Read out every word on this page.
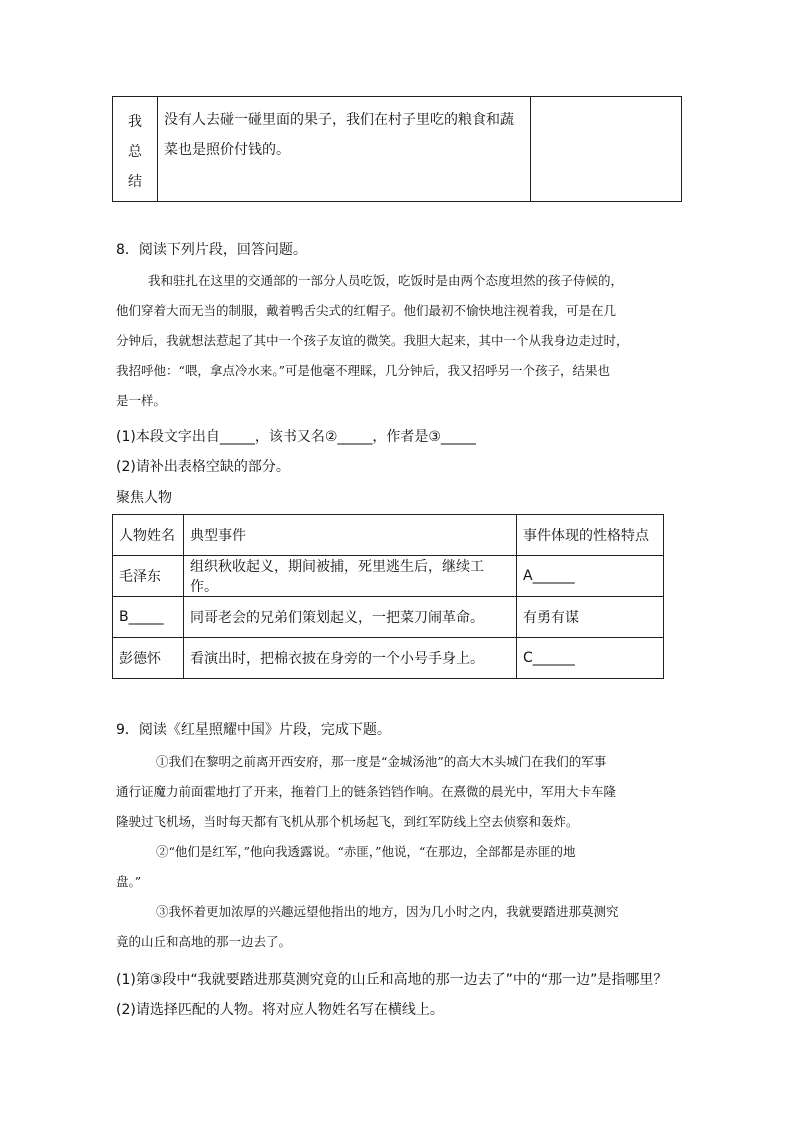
我
总
结

没有人去碰一碰里面的果子，我们在村子里吃的粮食和蔬
菜也是照价付钱的。

8．阅读下列片段，回答问题。
我和驻扎在这里的交通部的一部分人员吃饭，吃饭时是由两个态度坦然的孩子侍候的，
他们穿着大而无当的制服，戴着鸭舌尖式的红帽子。他们最初不愉快地注视着我，可是在几
分钟后，我就想法惹起了其中一个孩子友谊的微笑。我胆大起来，其中一个从我身边走过时，
我招呼他：“喂，拿点冷水来。”可是他毫不理睬，几分钟后，我又招呼另一个孩子，结果也
是一样。
(1)本段文字出自_____，该书又名②_____，作者是③_____
(2)请补出表格空缺的部分。
聚焦人物
人物姓名	典型事件	事件体现的性格特点
毛泽东	组织秋收起义，期间被捕，死里逃生后，继续工作。	A______
B_____	同哥老会的兄弟们策划起义，一把菜刀闹革命。	有勇有谋
彭德怀	看演出时，把棉衣披在身旁的一个小号手身上。	C______
9．阅读《红星照耀中国》片段，完成下题。
①我们在黎明之前离开西安府，那一度是“金城汤池”的高大木头城门在我们的军事
通行证魔力前面霍地打了开来，拖着门上的链条铛铛作响。在熹微的晨光中，军用大卡车隆
隆驶过飞机场，当时每天都有飞机从那个机场起飞，到红军防线上空去侦察和轰炸。
②“他们是红军，”他向我透露说。“赤匪，”他说，“在那边，全部都是赤匪的地
盘。”
③我怀着更加浓厚的兴趣远望他指出的地方，因为几小时之内，我就要踏进那莫测究
竟的山丘和高地的那一边去了。
(1)第③段中“我就要踏进那莫测究竟的山丘和高地的那一边去了”中的“那一边”是指哪里？
(2)请选择匹配的人物。将对应人物姓名写在横线上。
